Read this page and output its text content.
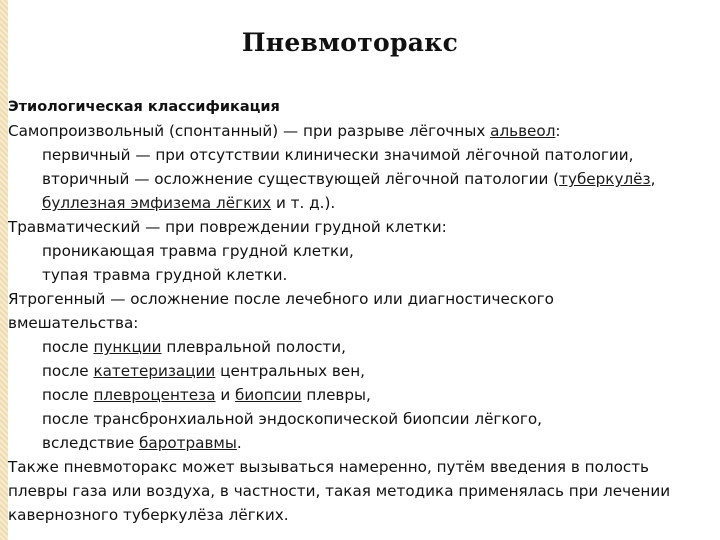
Пневмоторакс
Этиологическая классификация
Самопроизвольный (спонтанный) — при разрыве лёгочных альвеол:
первичный — при отсутствии клинически значимой лёгочной патологии,
вторичный — осложнение существующей лёгочной патологии (туберкулёз,
буллезная эмфизема лёгких и т. д.).
Травматический — при повреждении грудной клетки:
проникающая травма грудной клетки,
тупая травма грудной клетки.
Ятрогенный — осложнение после лечебного или диагностического
вмешательства:
после пункции плевральной полости,
после катетеризации центральных вен,
после плевроцентеза и биопсии плевры,
после трансбронхиальной эндоскопической биопсии лёгкого,
вследствие баротравмы.
Также пневмоторакс может вызываться намеренно, путём введения в полость
плевры газа или воздуха, в частности, такая методика применялась при лечении
кавернозного туберкулёза лёгких.
